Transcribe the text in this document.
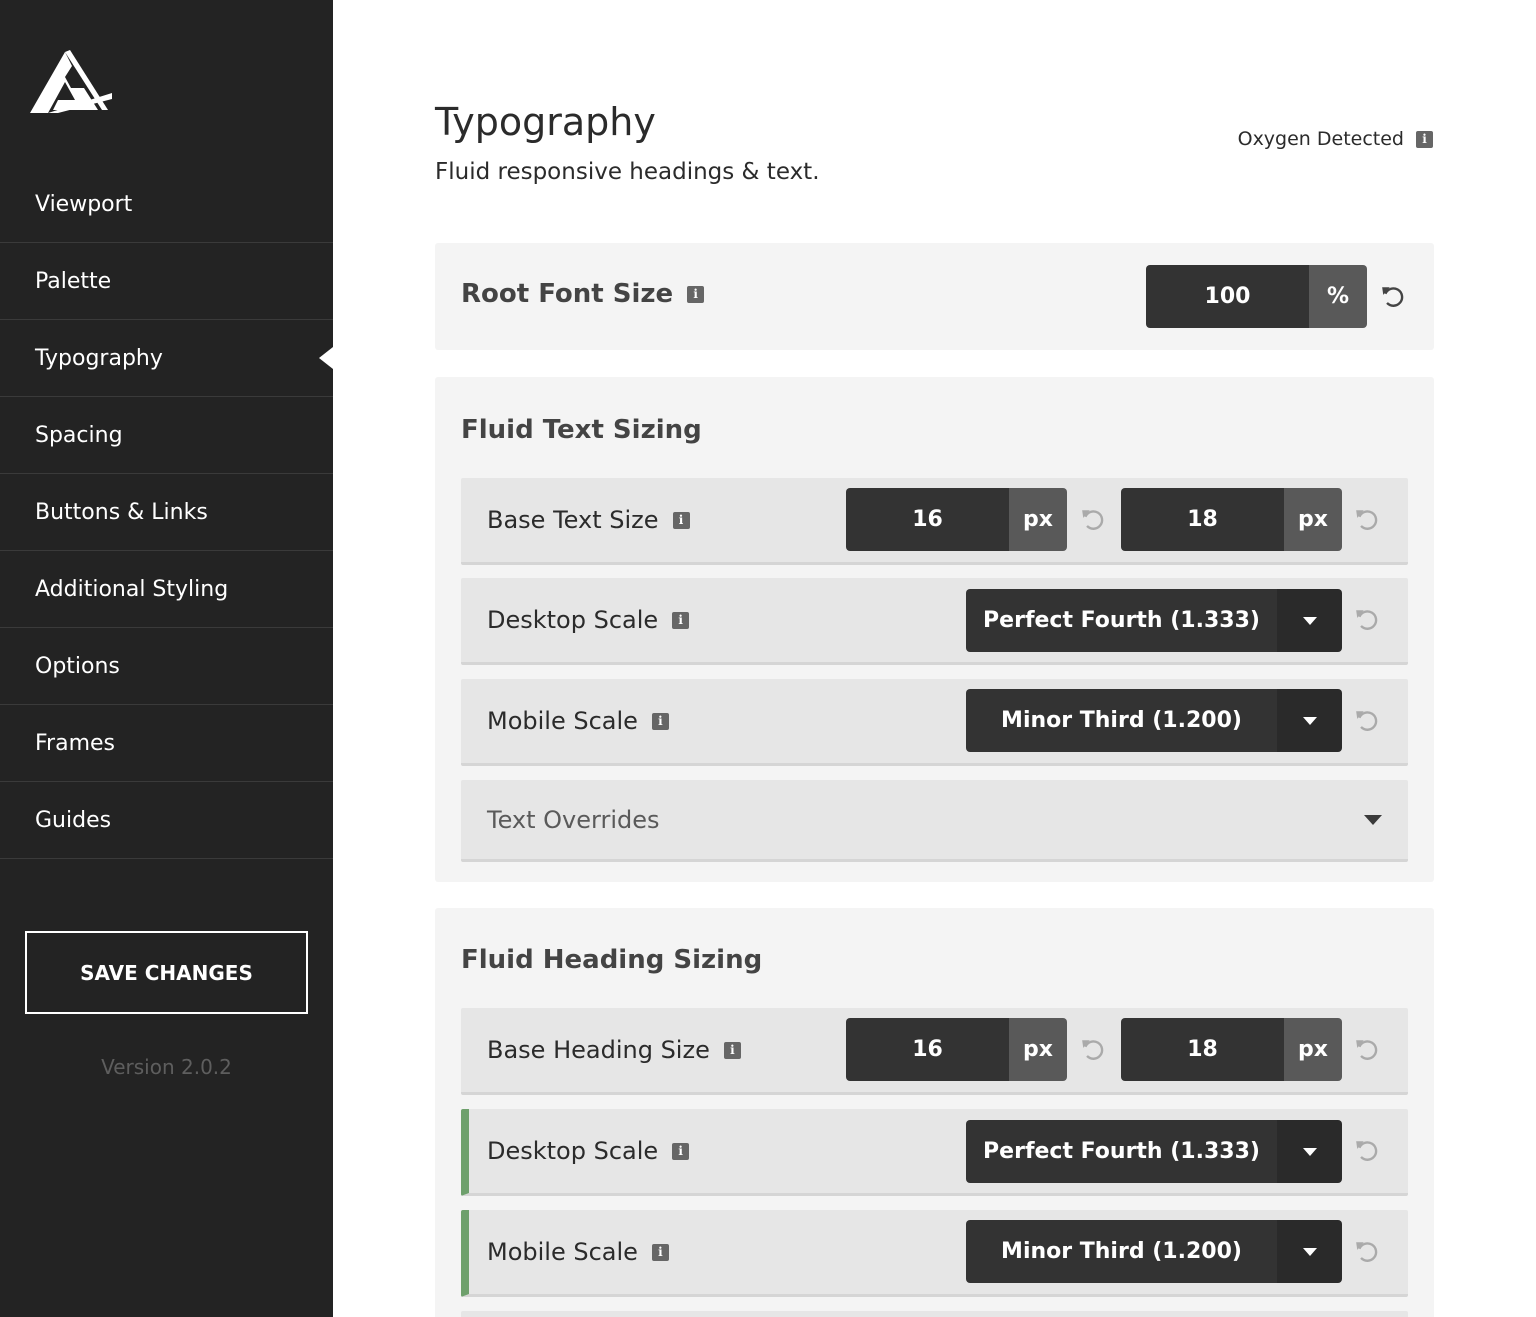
Viewport
Palette
Typography
Spacing
Buttons & Links
Additional Styling
Options
Frames
Guides
SAVE CHANGES
Version 2.0.2
Typography

Fluid responsive headings & text.

Oxygen Detected	i
Root Font Size	i	100	%
Fluid Text Sizing
Base Text Size	i	16	px	18	px
Desktop Scale	i	Perfect Fourth (1.333)
Mobile Scale	i	Minor Third (1.200)
Text Overrides
Fluid Heading Sizing
Base Heading Size	i	16	px	18	px
Desktop Scale	i	Perfect Fourth (1.333)
Mobile Scale	i	Minor Third (1.200)
